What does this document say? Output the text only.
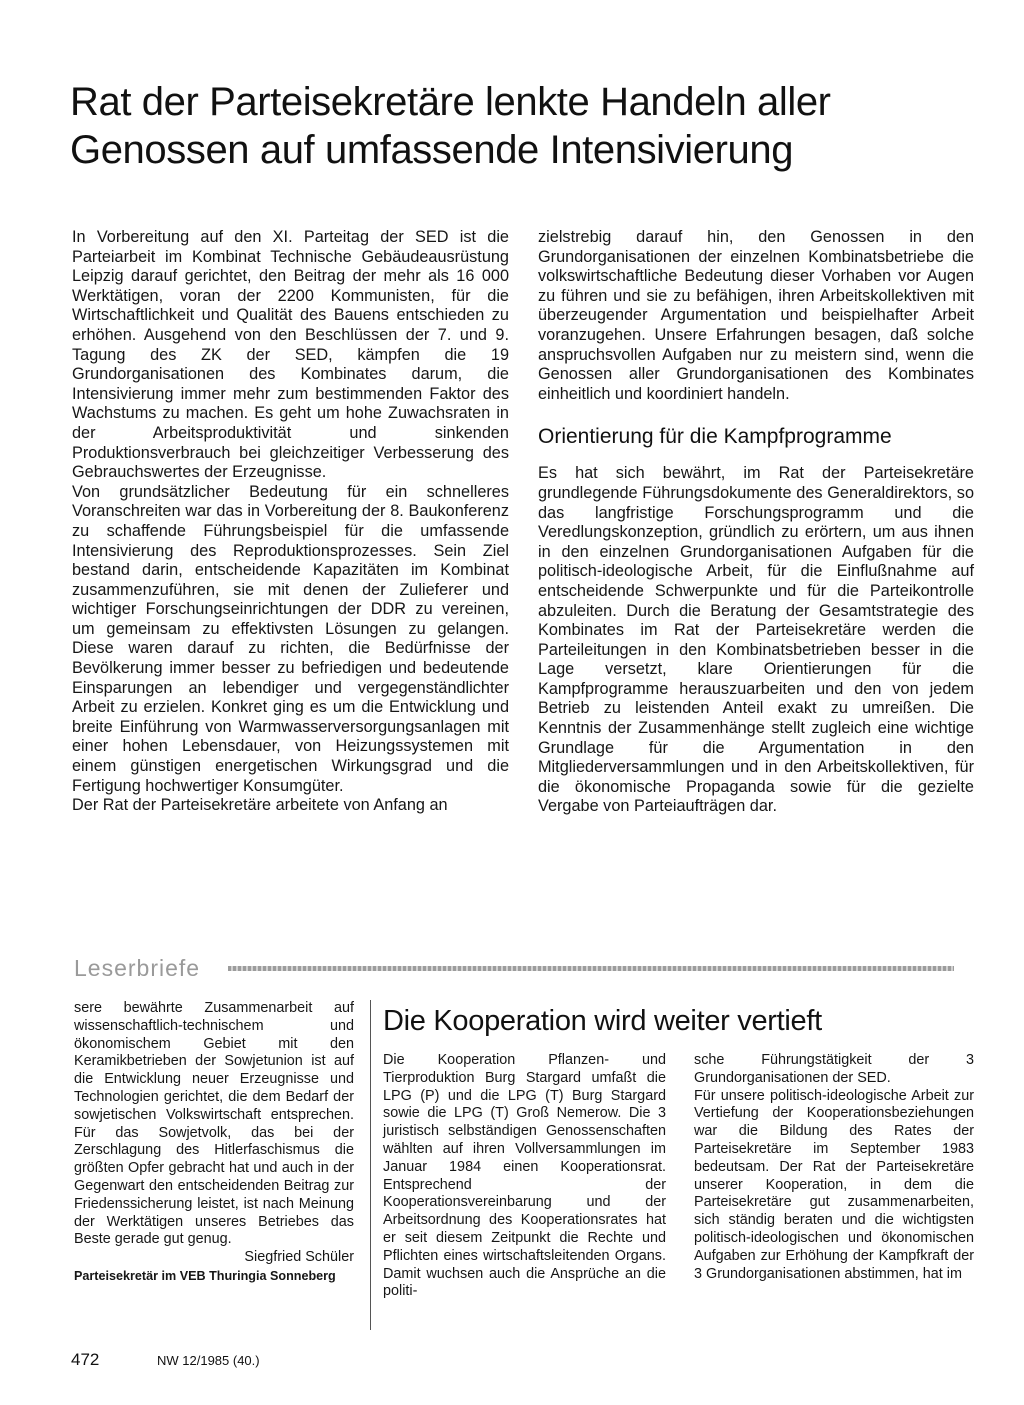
Rat der Parteisekretäre lenkte Handeln aller Genossen auf umfassende Intensivierung

In Vorbereitung auf den XI. Parteitag der SED ist die Parteiarbeit im Kombinat Technische Gebäudeausrüstung Leipzig darauf gerichtet, den Beitrag der mehr als 16 000 Werktätigen, voran der 2200 Kommunisten, für die Wirtschaftlichkeit und Qualität des Bauens entschieden zu erhöhen. Ausgehend von den Beschlüssen der 7. und 9. Tagung des ZK der SED, kämpfen die 19 Grundorganisationen des Kombinates darum, die Intensivierung immer mehr zum bestimmenden Faktor des Wachstums zu machen. Es geht um hohe Zuwachsraten in der Arbeitsproduktivität und sinkenden Produktionsverbrauch bei gleichzeitiger Verbesserung des Gebrauchswertes der Erzeugnisse.

Von grundsätzlicher Bedeutung für ein schnelleres Voranschreiten war das in Vorbereitung der 8. Baukonferenz zu schaffende Führungsbeispiel für die umfassende Intensivierung des Reproduktionsprozesses. Sein Ziel bestand darin, entscheidende Kapazitäten im Kombinat zusammenzuführen, sie mit denen der Zulieferer und wichtiger Forschungseinrichtungen der DDR zu vereinen, um gemeinsam zu effektivsten Lösungen zu gelangen. Diese waren darauf zu richten, die Bedürfnisse der Bevölkerung immer besser zu befriedigen und bedeutende Einsparungen an lebendiger und vergegenständlichter Arbeit zu erzielen. Konkret ging es um die Entwicklung und breite Einführung von Warmwasserversorgungsanlagen mit einer hohen Lebensdauer, von Heizungssystemen mit einem günstigen energetischen Wirkungsgrad und die Fertigung hochwertiger Konsumgüter.

Der Rat der Parteisekretäre arbeitete von Anfang an

zielstrebig darauf hin, den Genossen in den Grundorganisationen der einzelnen Kombinatsbetriebe die volkswirtschaftliche Bedeutung dieser Vorhaben vor Augen zu führen und sie zu befähigen, ihren Arbeitskollektiven mit überzeugender Argumentation und beispielhafter Arbeit voranzugehen. Unsere Erfahrungen besagen, daß solche anspruchsvollen Aufgaben nur zu meistern sind, wenn die Genossen aller Grundorganisationen des Kombinates einheitlich und koordiniert handeln.

Orientierung für die Kampfprogramme

Es hat sich bewährt, im Rat der Parteisekretäre grundlegende Führungsdokumente des Generaldirektors, so das langfristige Forschungsprogramm und die Veredlungskonzeption, gründlich zu erörtern, um aus ihnen in den einzelnen Grundorganisationen Aufgaben für die politisch-ideologische Arbeit, für die Einflußnahme auf entscheidende Schwerpunkte und für die Parteikontrolle abzuleiten. Durch die Beratung der Gesamtstrategie des Kombinates im Rat der Parteisekretäre werden die Parteileitungen in den Kombinatsbetrieben besser in die Lage versetzt, klare Orientierungen für die Kampfprogramme herauszuarbeiten und den von jedem Betrieb zu leistenden Anteil exakt zu umreißen. Die Kenntnis der Zusammenhänge stellt zugleich eine wichtige Grundlage für die Argumentation in den Mitgliederversammlungen und in den Arbeitskollektiven, für die ökonomische Propaganda sowie für die gezielte Vergabe von Parteiaufträgen dar.

Leserbriefe

sere bewährte Zusammenarbeit auf wissenschaftlich-technischem und ökonomischem Gebiet mit den Keramikbetrieben der Sowjetunion ist auf die Entwicklung neuer Erzeugnisse und Technologien gerichtet, die dem Bedarf der sowjetischen Volkswirtschaft entsprechen. Für das Sowjetvolk, das bei der Zerschlagung des Hitlerfaschismus die größten Opfer gebracht hat und auch in der Gegenwart den entscheidenden Beitrag zur Friedenssicherung leistet, ist nach Meinung der Werktätigen unseres Betriebes das Beste gerade gut genug.

Siegfried Schüler

Parteisekretär im VEB Thuringia Sonneberg

Die Kooperation wird weiter vertieft

Die Kooperation Pflanzen- und Tierproduktion Burg Stargard umfaßt die LPG (P) und die LPG (T) Burg Stargard sowie die LPG (T) Groß Nemerow. Die 3 juristisch selbständigen Genossenschaften wählten auf ihren Vollversammlungen im Januar 1984 einen Kooperationsrat. Entsprechend der Kooperationsvereinbarung und der Arbeitsordnung des Kooperationsrates hat er seit diesem Zeitpunkt die Rechte und Pflichten eines wirtschaftsleitenden Organs. Damit wuchsen auch die Ansprüche an die politi-

sche Führungstätigkeit der 3 Grundorganisationen der SED.

Für unsere politisch-ideologische Arbeit zur Vertiefung der Kooperationsbeziehungen war die Bildung des Rates der Parteisekretäre im September 1983 bedeutsam. Der Rat der Parteisekretäre unserer Kooperation, in dem die Parteisekretäre gut zusammenarbeiten, sich ständig beraten und die wichtigsten politisch-ideologischen und ökonomischen Aufgaben zur Erhöhung der Kampfkraft der 3 Grundorganisationen abstimmen, hat im

472	NW 12/1985 (40.)
